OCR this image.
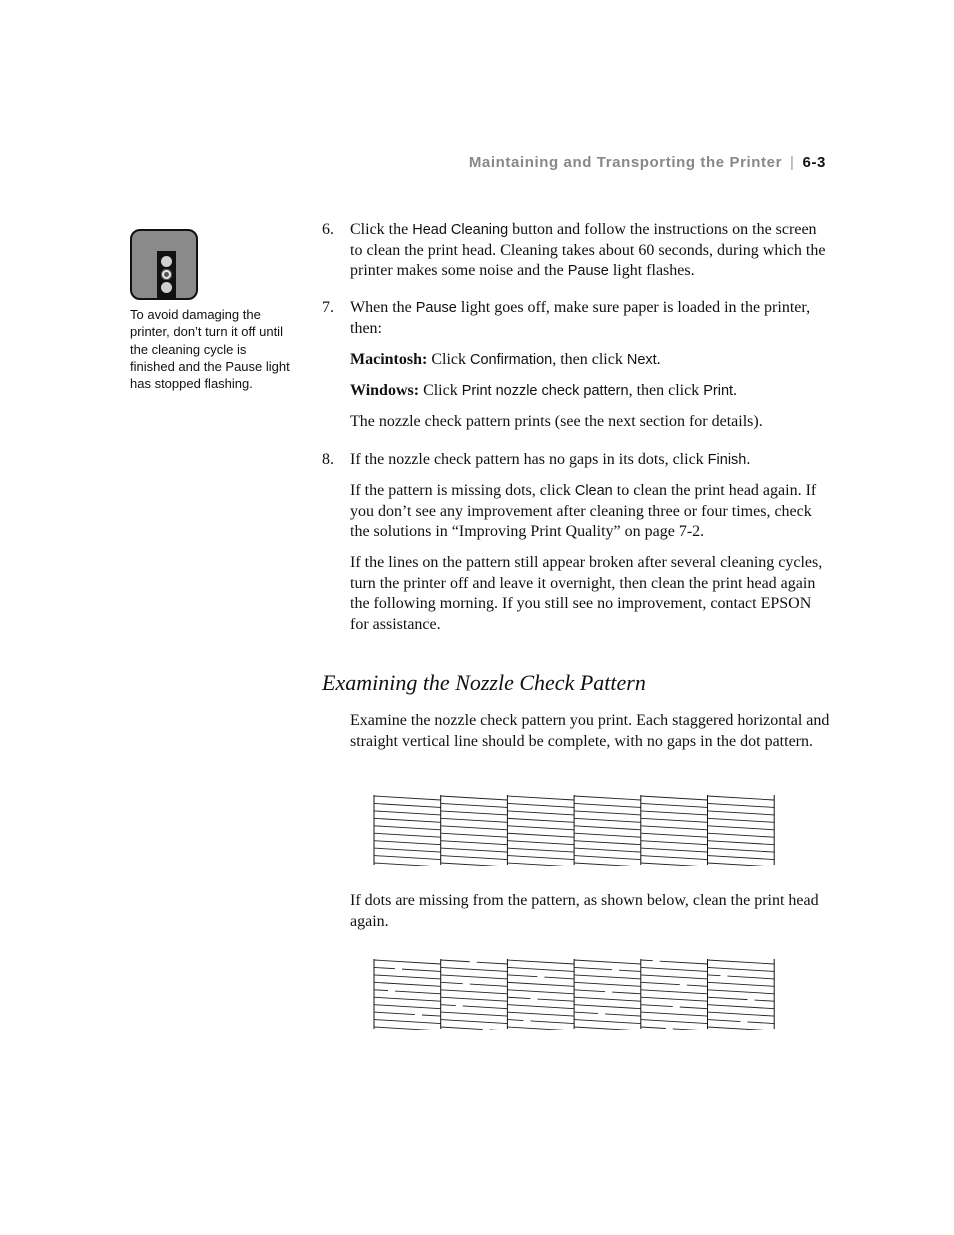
Maintaining and Transporting the Printer | 6-3
To avoid damaging the printer, don’t turn it off until the cleaning cycle is finished and the Pause light has stopped flashing.
6. Click the Head Cleaning button and follow the instructions on the screen to clean the print head. Cleaning takes about 60 seconds, during which the printer makes some noise and the Pause light flashes.

7. When the Pause light goes off, make sure paper is loaded in the printer, then:

Macintosh: Click Confirmation, then click Next.

Windows: Click Print nozzle check pattern, then click Print.

The nozzle check pattern prints (see the next section for details).

8. If the nozzle check pattern has no gaps in its dots, click Finish.

If the pattern is missing dots, click Clean to clean the print head again. If you don’t see any improvement after cleaning three or four times, check the solutions in “Improving Print Quality” on page 7-2.

If the lines on the pattern still appear broken after several cleaning cycles, turn the printer off and leave it overnight, then clean the print head again the following morning. If you still see no improvement, contact EPSON for assistance.

Examining the Nozzle Check Pattern

Examine the nozzle check pattern you print. Each staggered horizontal and straight vertical line should be complete, with no gaps in the dot pattern.

If dots are missing from the pattern, as shown below, clean the print head again.
